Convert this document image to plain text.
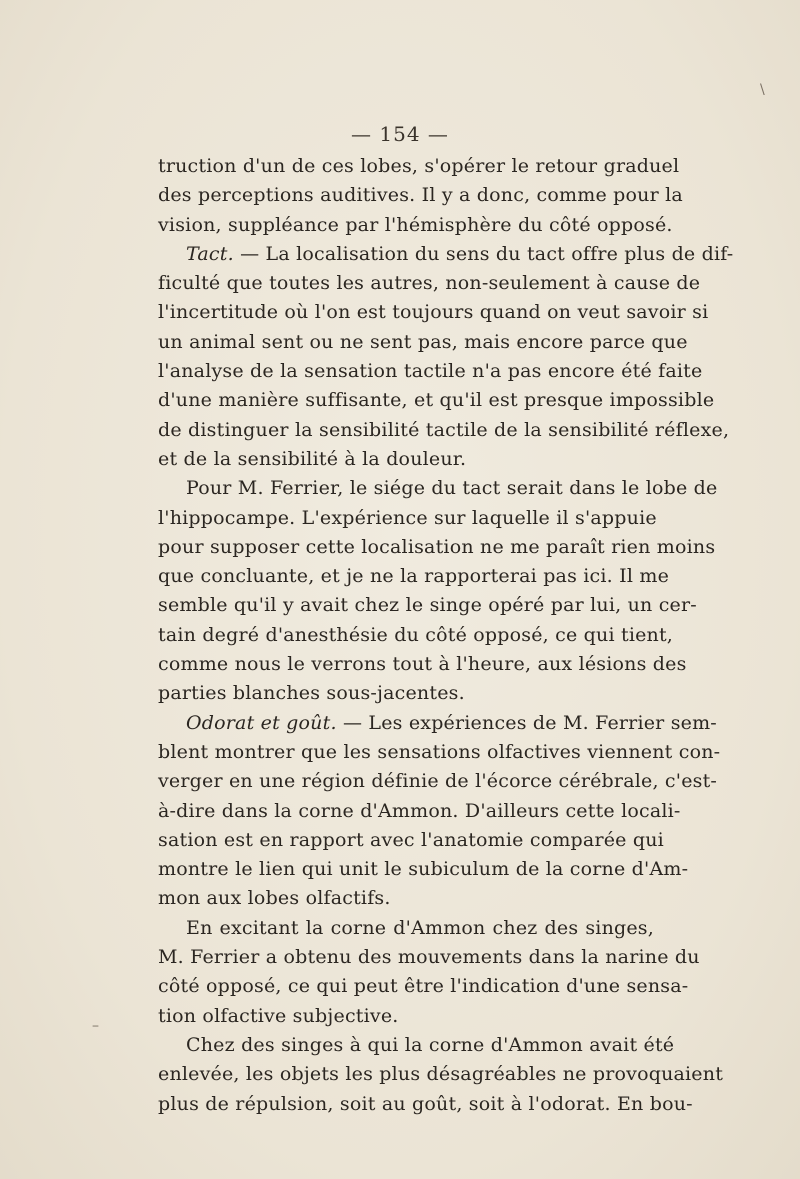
\
–
— 154 —
truction d'un de ces lobes, s'opérer le retour graduel
des perceptions auditives. Il y a donc, comme pour la
vision, suppléance par l'hémisphère du côté opposé.
Tact. — La localisation du sens du tact offre plus de dif-
ficulté que toutes les autres, non-seulement à cause de
l'incertitude où l'on est toujours quand on veut savoir si
un animal sent ou ne sent pas, mais encore parce que
l'analyse de la sensation tactile n'a pas encore été faite
d'une manière suffisante, et qu'il est presque impossible
de distinguer la sensibilité tactile de la sensibilité réflexe,
et de la sensibilité à la douleur.
Pour M. Ferrier, le siége du tact serait dans le lobe de
l'hippocampe. L'expérience sur laquelle il s'appuie
pour supposer cette localisation ne me paraît rien moins
que concluante, et je ne la rapporterai pas ici. Il me
semble qu'il y avait chez le singe opéré par lui, un cer-
tain degré d'anesthésie du côté opposé, ce qui tient,
comme nous le verrons tout à l'heure, aux lésions des
parties blanches sous-jacentes.
Odorat et goût. — Les expériences de M. Ferrier sem-
blent montrer que les sensations olfactives viennent con-
verger en une région définie de l'écorce cérébrale, c'est-
à-dire dans la corne d'Ammon. D'ailleurs cette locali-
sation est en rapport avec l'anatomie comparée qui
montre le lien qui unit le subiculum de la corne d'Am-
mon aux lobes olfactifs.
En excitant la corne d'Ammon chez des singes,
M. Ferrier a obtenu des mouvements dans la narine du
côté opposé, ce qui peut être l'indication d'une sensa-
tion olfactive subjective.
Chez des singes à qui la corne d'Ammon avait été
enlevée, les objets les plus désagréables ne provoquaient
plus de répulsion, soit au goût, soit à l'odorat. En bou-
